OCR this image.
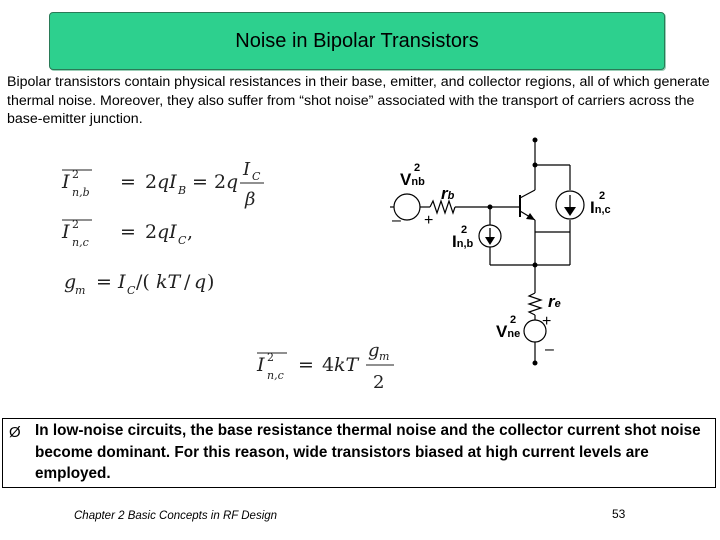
Noise in Bipolar Transistors
Bipolar transistors contain physical resistances in their base, emitter, and collector regions, all of which generate thermal noise. Moreover, they also suffer from “shot noise” associated with the transport of carriers across the base-emitter junction.
I 2
n,b = 2 qI B = 2 q
I C
β
I 2
n,c = 2 qI C ,
g
m = I C /( kT / q )
I 2
n,c = 4 kT
g m
2
V
2
nb
rb
– +
I
2
n,c
I
2
n,b
re
+
V
2
ne
–
Ø In low-noise circuits, the base resistance thermal noise and the collector current shot noise become dominant. For this reason, wide transistors biased at high current levels are employed.
Chapter 2 Basic Concepts in RF Design	53
